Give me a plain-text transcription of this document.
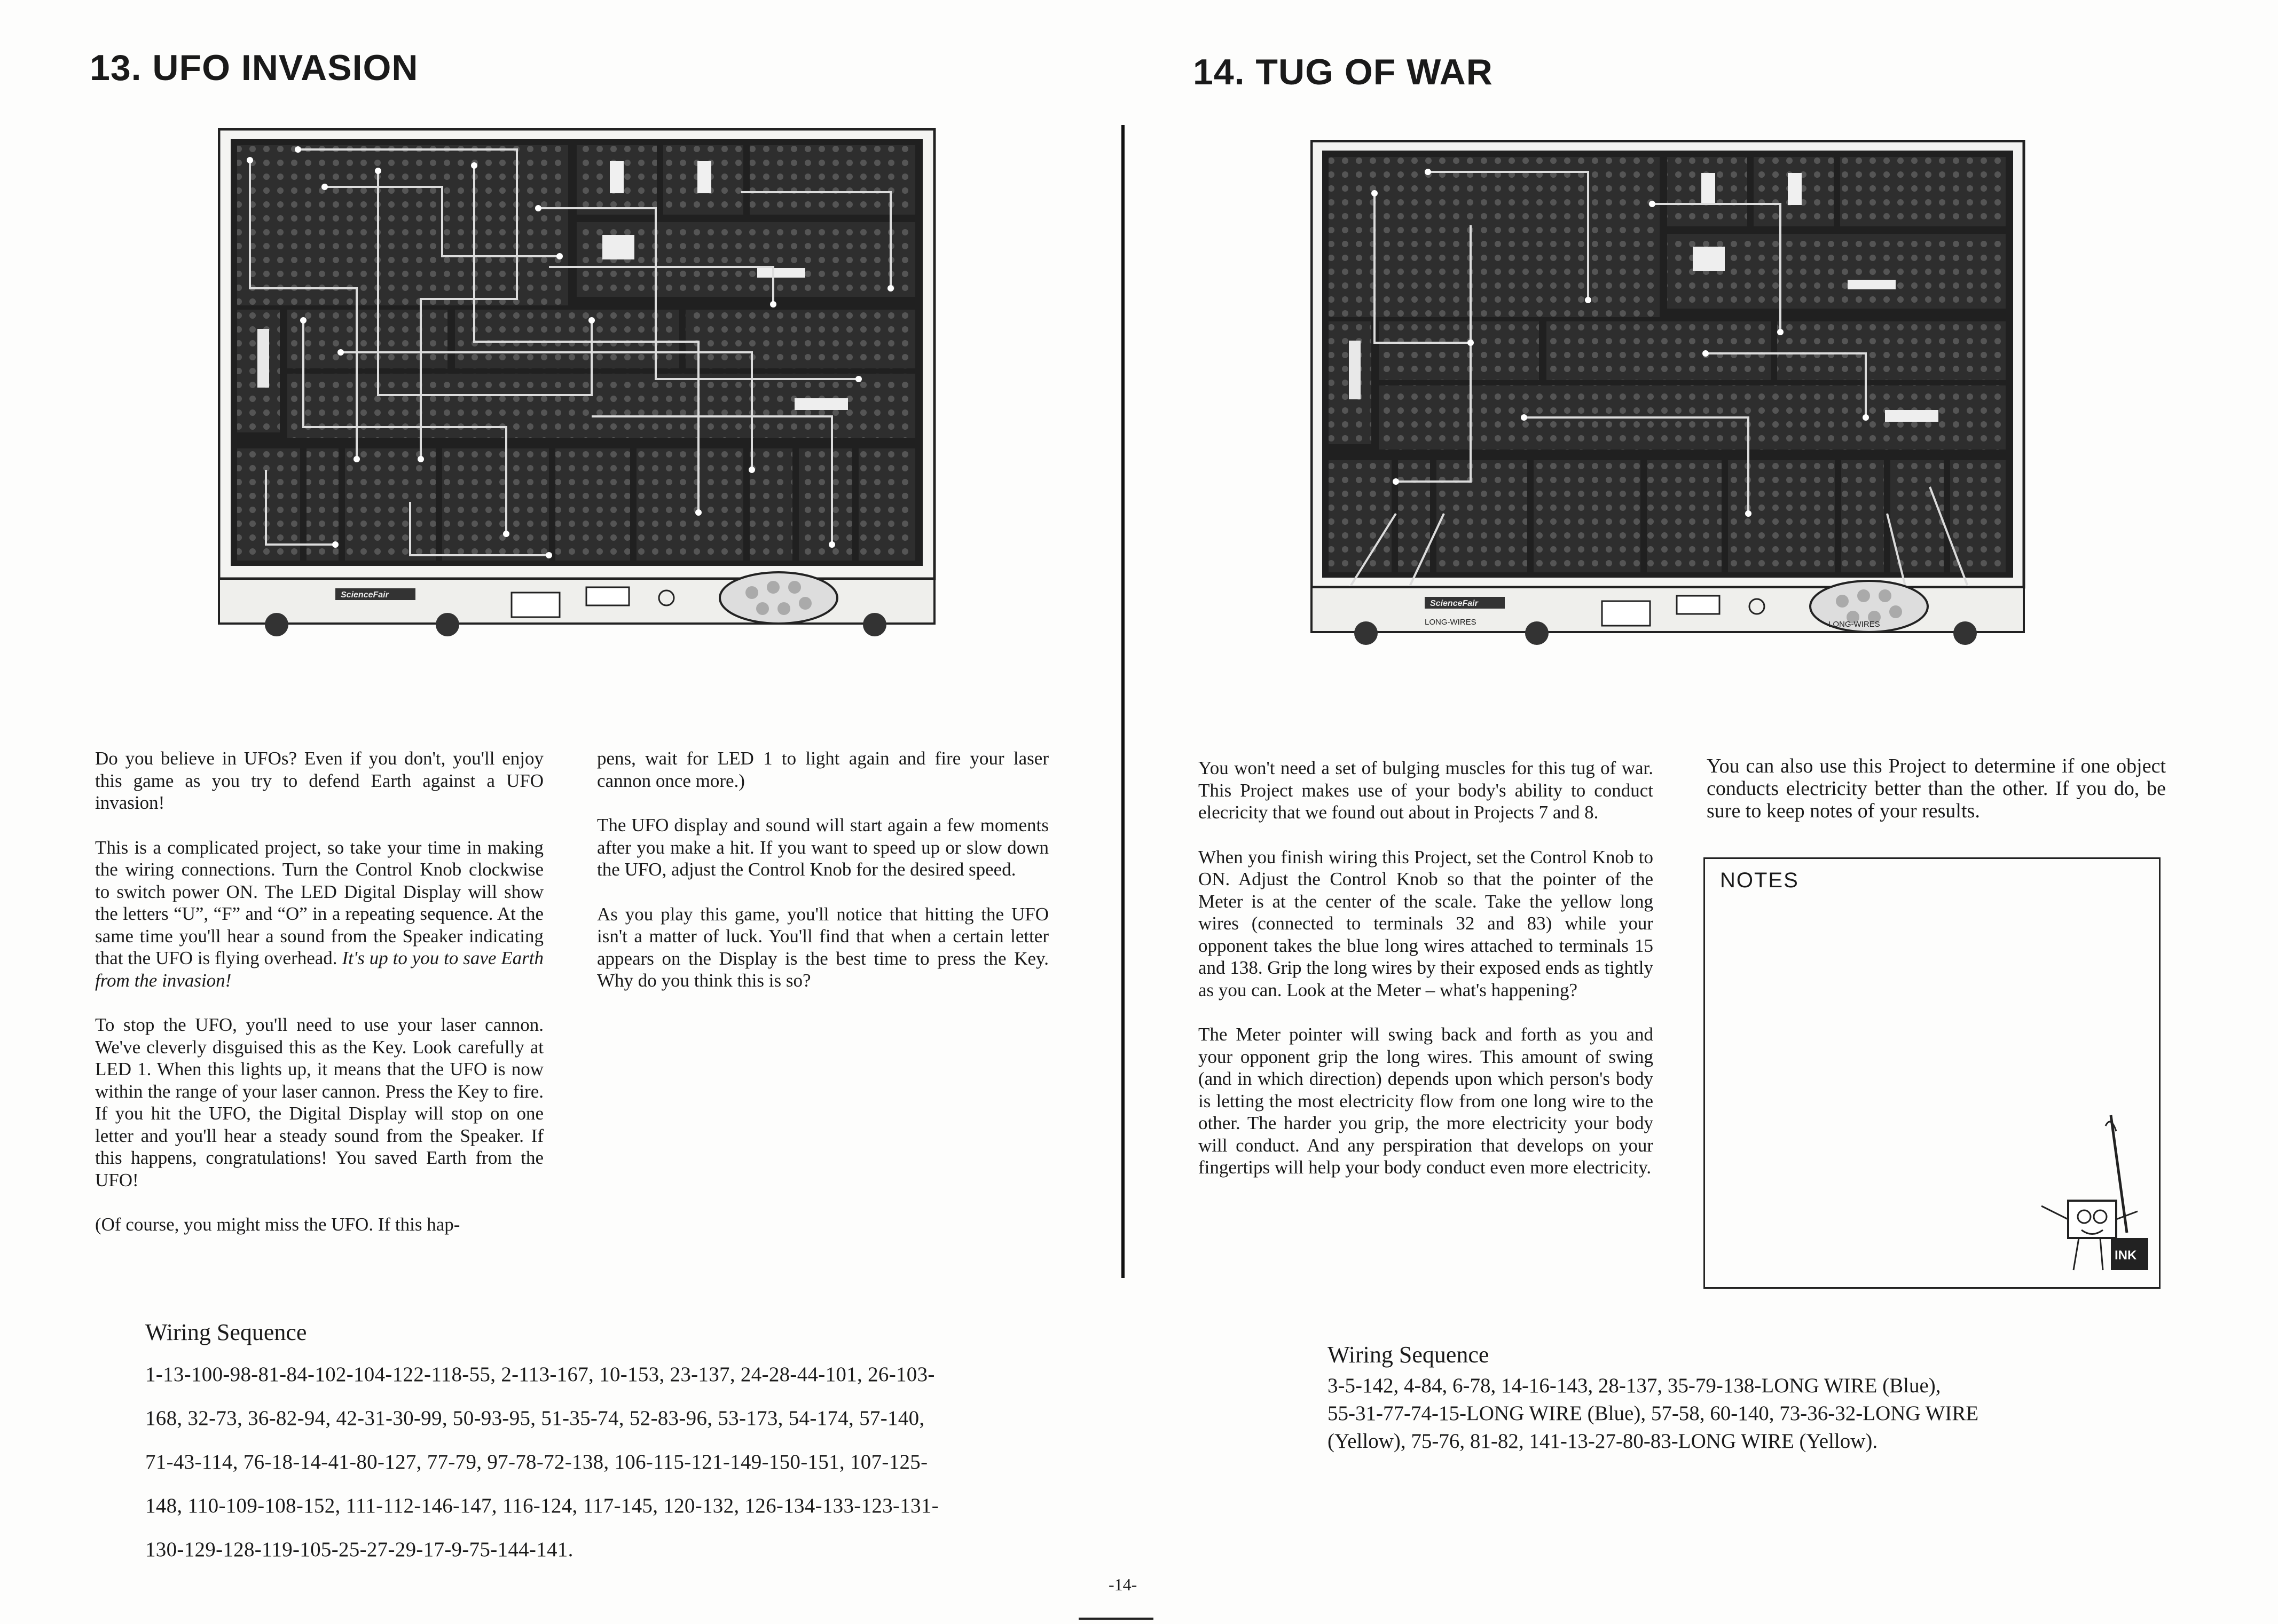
13. UFO INVASION
ScienceFair

Do you believe in UFOs? Even if you don't, you'll enjoy this game as you try to defend Earth against a UFO invasion!

This is a complicated project, so take your time in making the wiring connections. Turn the Control Knob clockwise to switch power ON. The LED Digital Display will show the letters “U”, “F” and “O” in a repeating sequence. At the same time you'll hear a sound from the Speaker indicating that the UFO is flying overhead. It's up to you to save Earth from the invasion!

To stop the UFO, you'll need to use your laser cannon. We've cleverly disguised this as the Key. Look carefully at LED 1. When this lights up, it means that the UFO is now within the range of your laser cannon. Press the Key to fire. If you hit the UFO, the Digital Display will stop on one letter and you'll hear a steady sound from the Speaker. If this happens, congratulations! You saved Earth from the UFO!

(Of course, you might miss the UFO. If this hap-

pens, wait for LED 1 to light again and fire your laser cannon once more.)

The UFO display and sound will start again a few moments after you make a hit. If you want to speed up or slow down the UFO, adjust the Control Knob for the desired speed.

As you play this game, you'll notice that hitting the UFO isn't a matter of luck. You'll find that when a certain letter appears on the Display is the best time to press the Key. Why do you think this is so?

Wiring Sequence
1-13-100-98-81-84-102-104-122-118-55, 2-113-167, 10-153, 23-137, 24-28-44-101, 26-103-
168, 32-73, 36-82-94, 42-31-30-99, 50-93-95, 51-35-74, 52-83-96, 53-173, 54-174, 57-140,
71-43-114, 76-18-14-41-80-127, 77-79, 97-78-72-138, 106-115-121-149-150-151, 107-125-
148, 110-109-108-152, 111-112-146-147, 116-124, 117-145, 120-132, 126-134-133-123-131-
130-129-128-119-105-25-27-29-17-9-75-144-141.
14. TUG OF WAR
ScienceFair
LONG-WIRES	LONG-WIRES

You won't need a set of bulging muscles for this tug of war. This Project makes use of your body's ability to conduct elecricity that we found out about in Projects 7 and 8.

When you finish wiring this Project, set the Control Knob to ON. Adjust the Control Knob so that the pointer of the Meter is at the center of the scale. Take the yellow long wires (connected to terminals 32 and 83) while your opponent takes the blue long wires attached to terminals 15 and 138. Grip the long wires by their exposed ends as tightly as you can. Look at the Meter – what's happening?

The Meter pointer will swing back and forth as you and your opponent grip the long wires. This amount of swing (and in which direction) depends upon which person's body is letting the most electricity flow from one long wire to the other. The harder you grip, the more electricity your body will conduct. And any perspiration that develops on your fingertips will help your body conduct even more electricity.

You can also use this Project to determine if one object conducts electricity better than the other. If you do, be sure to keep notes of your results.

NOTES
INK
Wiring Sequence
3-5-142, 4-84, 6-78, 14-16-143, 28-137, 35-79-138-LONG WIRE (Blue),
55-31-77-74-15-LONG WIRE (Blue), 57-58, 60-140, 73-36-32-LONG WIRE
(Yellow), 75-76, 81-82, 141-13-27-80-83-LONG WIRE (Yellow).
-14-
